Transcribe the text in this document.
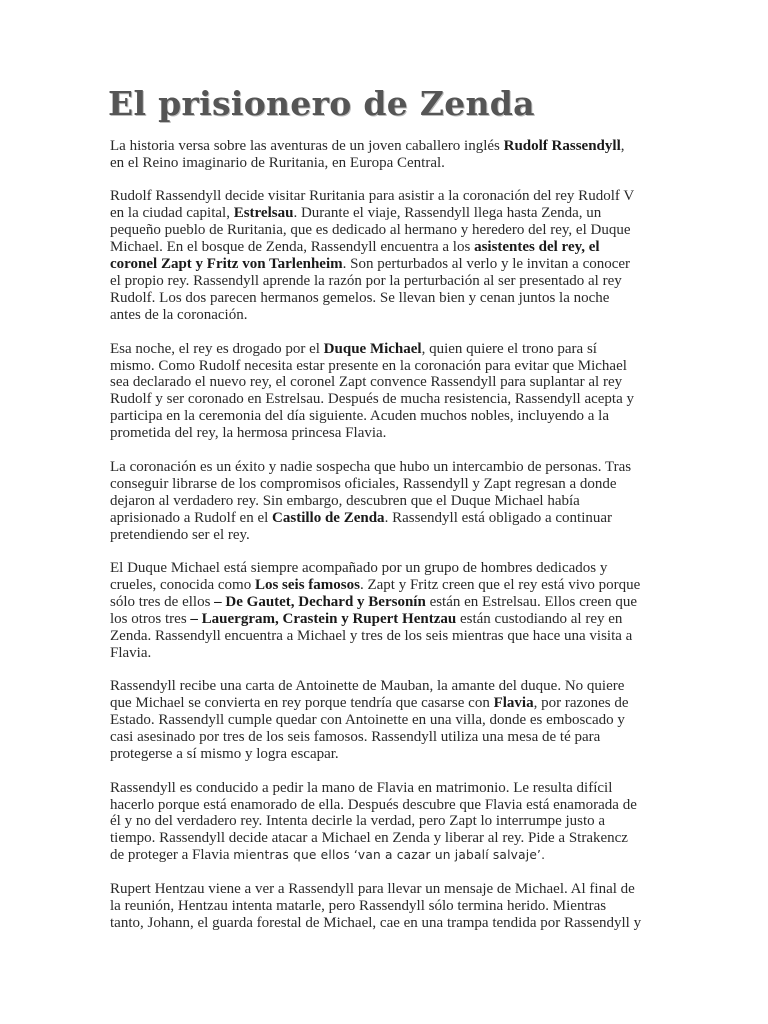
El prisionero de Zenda

La historia versa sobre las aventuras de un joven caballero inglés Rudolf Rassendyll,
en el Reino imaginario de Ruritania, en Europa Central.

Rudolf Rassendyll decide visitar Ruritania para asistir a la coronación del rey Rudolf V
en la ciudad capital, Estrelsau. Durante el viaje, Rassendyll llega hasta Zenda, un
pequeño pueblo de Ruritania, que es dedicado al hermano y heredero del rey, el Duque
Michael. En el bosque de Zenda, Rassendyll encuentra a los asistentes del rey, el
coronel Zapt y Fritz von Tarlenheim. Son perturbados al verlo y le invitan a conocer
el propio rey. Rassendyll aprende la razón por la perturbación al ser presentado al rey
Rudolf. Los dos parecen hermanos gemelos. Se llevan bien y cenan juntos la noche
antes de la coronación.

Esa noche, el rey es drogado por el Duque Michael, quien quiere el trono para sí
mismo. Como Rudolf necesita estar presente en la coronación para evitar que Michael
sea declarado el nuevo rey, el coronel Zapt convence Rassendyll para suplantar al rey
Rudolf y ser coronado en Estrelsau. Después de mucha resistencia, Rassendyll acepta y
participa en la ceremonia del día siguiente. Acuden muchos nobles, incluyendo a la
prometida del rey, la hermosa princesa Flavia.

La coronación es un éxito y nadie sospecha que hubo un intercambio de personas. Tras
conseguir librarse de los compromisos oficiales, Rassendyll y Zapt regresan a donde
dejaron al verdadero rey. Sin embargo, descubren que el Duque Michael había
aprisionado a Rudolf en el Castillo de Zenda. Rassendyll está obligado a continuar
pretendiendo ser el rey.

El Duque Michael está siempre acompañado por un grupo de hombres dedicados y
crueles, conocida como Los seis famosos. Zapt y Fritz creen que el rey está vivo porque
sólo tres de ellos – De Gautet, Dechard y Bersonín están en Estrelsau. Ellos creen que
los otros tres – Lauergram, Crastein y Rupert Hentzau están custodiando al rey en
Zenda. Rassendyll encuentra a Michael y tres de los seis mientras que hace una visita a
Flavia.

Rassendyll recibe una carta de Antoinette de Mauban, la amante del duque. No quiere
que Michael se convierta en rey porque tendría que casarse con Flavia, por razones de
Estado. Rassendyll cumple quedar con Antoinette en una villa, donde es emboscado y
casi asesinado por tres de los seis famosos. Rassendyll utiliza una mesa de té para
protegerse a sí mismo y logra escapar.

Rassendyll es conducido a pedir la mano de Flavia en matrimonio. Le resulta difícil
hacerlo porque está enamorado de ella. Después descubre que Flavia está enamorada de
él y no del verdadero rey. Intenta decirle la verdad, pero Zapt lo interrumpe justo a
tiempo. Rassendyll decide atacar a Michael en Zenda y liberar al rey. Pide a Strakencz
de proteger a Flavia mientras que ellos ‘van a cazar un jabalí salvaje’.

Rupert Hentzau viene a ver a Rassendyll para llevar un mensaje de Michael. Al final de
la reunión, Hentzau intenta matarle, pero Rassendyll sólo termina herido. Mientras
tanto, Johann, el guarda forestal de Michael, cae en una trampa tendida por Rassendyll y
